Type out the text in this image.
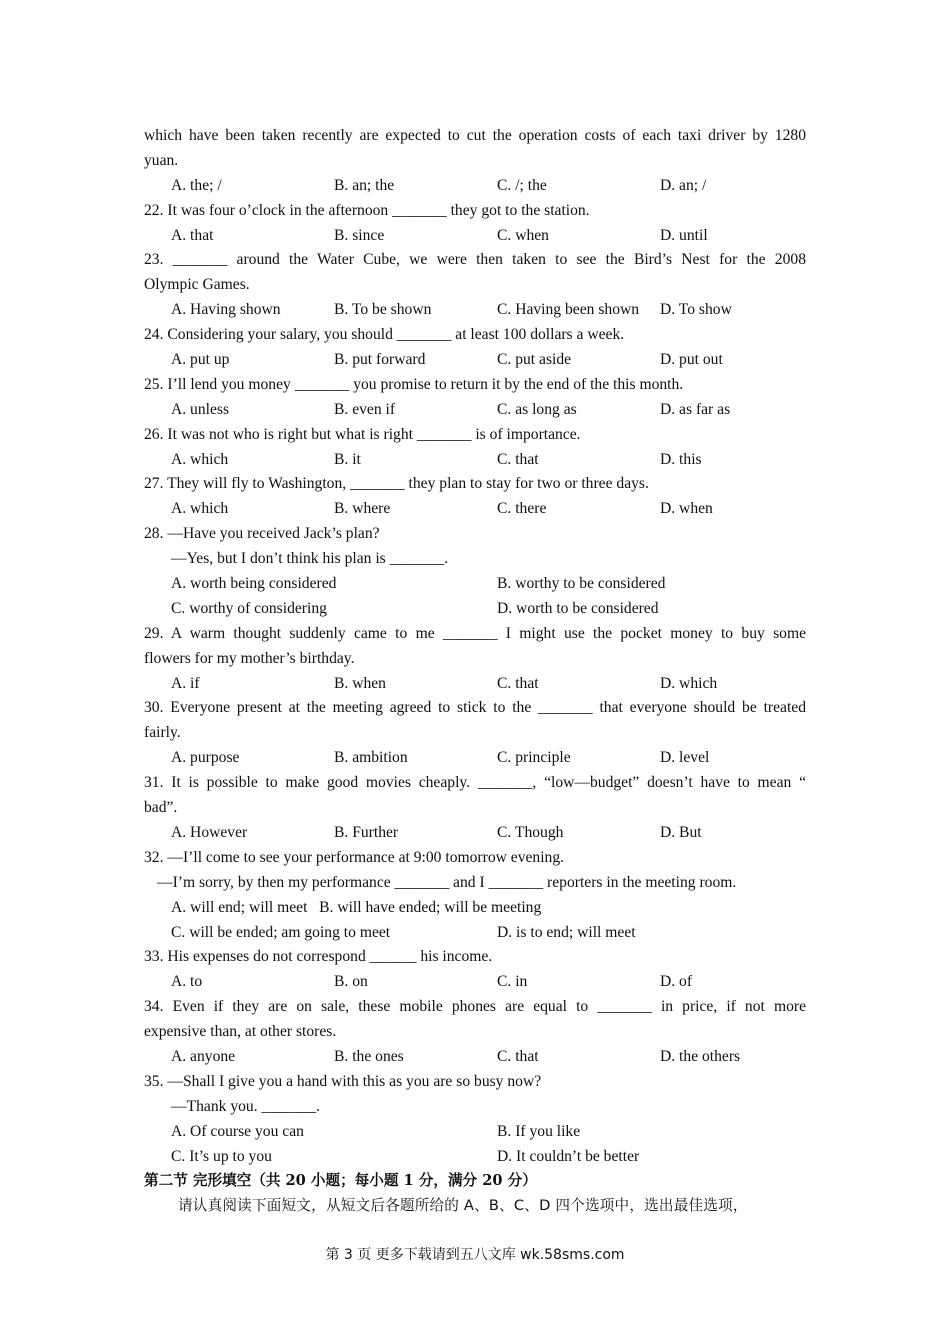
which have been taken recently are expected to cut the operation costs of each taxi driver by 1280
yuan.
A. the; /	B. an; the	C. /; the	D. an; /
22. It was four o’clock in the afternoon _______ they got to the station.
A. that	B. since	C. when	D. until
23. _______ around the Water Cube, we were then taken to see the Bird’s Nest for the 2008
Olympic Games.
A. Having shown	B. To be shown	C. Having been shown	D. To show
24. Considering your salary, you should _______ at least 100 dollars a week.
A. put up	B. put forward	C. put aside	D. put out
25. I’ll lend you money _______ you promise to return it by the end of the this month.
A. unless	B. even if	C. as long as	D. as far as
26. It was not who is right but what is right _______ is of importance.
A. which	B. it	C. that	D. this
27. They will fly to Washington, _______ they plan to stay for two or three days.
A. which	B. where	C. there	D. when
28. —Have you received Jack’s plan?
—Yes, but I don’t think his plan is _______.
A. worth being considered	B. worthy to be considered
C. worthy of considering	D. worth to be considered
29. A warm thought suddenly came to me _______ I might use the pocket money to buy some
flowers for my mother’s birthday.
A. if	B. when	C. that	D. which
30. Everyone present at the meeting agreed to stick to the _______ that everyone should be treated
fairly.
A. purpose	B. ambition	C. principle	D. level
31. It is possible to make good movies cheaply. _______, “low—budget” doesn’t have to mean “
bad”.
A. However	B. Further	C. Though	D. But
32. —I’ll come to see your performance at 9:00 tomorrow evening.
—I’m sorry, by then my performance _______ and I _______ reporters in the meeting room.
A. will end; will meet   B. will have ended; will be meeting
C. will be ended; am going to meet	D. is to end; will meet
33. His expenses do not correspond ______ his income.
A. to	B. on	C. in	D. of
34. Even if they are on sale, these mobile phones are equal to _______ in price, if not more
expensive than, at other stores.
A. anyone	B. the ones	C. that	D. the others
35. —Shall I give you a hand with this as you are so busy now?
—Thank you. _______.
A. Of course you can	B. If you like
C. It’s up to you	D. It couldn’t be better
第二节 完形填空（共 20 小题；每小题 1 分，满分 20 分）
请认真阅读下面短文，从短文后各题所给的 A、B、C、D 四个选项中，选出最佳选项，
第 3 页 更多下载请到五八文库 wk.58sms.com
